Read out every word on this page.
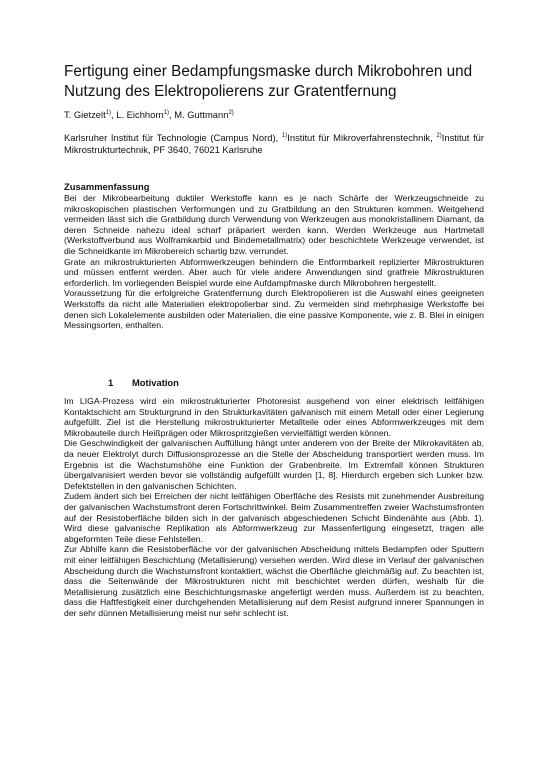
Fertigung einer Bedampfungsmaske durch Mikrobohren und Nutzung des Elektropolierens zur Gratentfernung
T. Gietzelt$^{1)}$, L. Eichhorn$^{1)}$, M. Guttmann$^{2)}$
Karlsruher Institut für Technologie (Campus Nord), $^{1)}$Institut für Mikroverfahrenstechnik, $^{2)}$Institut für Mikrostrukturtechnik, PF 3640, 76021 Karlsruhe
Zusammenfassung

Bei der Mikrobearbeitung duktiler Werkstoffe kann es je nach Schärfe der Werkzeugschneide zu mikroskopischen plastischen Verformungen und zu Gratbildung an den Strukturen kommen. Weitgehend vermeiden lässt sich die Gratbildung durch Verwendung von Werkzeugen aus monokristallinem Diamant, da deren Schneide nahezu ideal scharf präpariert werden kann. Werden Werkzeuge aus Hartmetall (Werkstoffverbund aus Wolframkarbid und Bindemetallmatrix) oder beschichtete Werkzeuge verwendet, ist die Schneidkante im Mikrobereich schartig bzw. verrundet.

Grate an mikrostrukturierten Abformwerkzeugen behindern die Entformbarkeit replizierter Mikrostrukturen und müssen entfernt werden. Aber auch für viele andere Anwendungen sind gratfreie Mikrostrukturen erforderlich. Im vorliegenden Beispiel wurde eine Aufdampfmaske durch Mikrobohren hergestellt.

Voraussetzung für die erfolgreiche Gratentfernung durch Elektropolieren ist die Auswahl eines geeigneten Werkstoffs da nicht alle Materialien elektropolierbar sind. Zu vermeiden sind mehrphasige Werkstoffe bei denen sich Lokalelemente ausbilden oder Materialien, die eine passive Komponente, wie z. B. Blei in einigen Messingsorten, enthalten.

1 Motivation

Im LIGA-Prozess wird ein mikrostrukturierter Photoresist ausgehend von einer elektrisch leitfähigen Kontaktschicht am Strukturgrund in den Strukturkavitäten galvanisch mit einem Metall oder einer Legierung aufgefüllt. Ziel ist die Herstellung mikrostrukturierter Metallteile oder eines Abformwerkzeuges mit dem Mikrobauteile durch Heißprägen oder Mikrospritzgießen vervielfältigt werden können.

Die Geschwindigkeit der galvanischen Auffüllung hängt unter anderem von der Breite der Mikrokavitäten ab, da neuer Elektrolyt durch Diffusionsprozesse an die Stelle der Abscheidung transportiert werden muss. Im Ergebnis ist die Wachstumshöhe eine Funktion der Grabenbreite. Im Extremfall können Strukturen übergalvanisiert werden bevor sie vollständig aufgefüllt wurden [1, 8]. Hierdurch ergeben sich Lunker bzw. Defektstellen in den galvanischen Schichten.

Zudem ändert sich bei Erreichen der nicht leitfähigen Oberfläche des Resists mit zunehmender Ausbreitung der galvanischen Wachstumsfront deren Fortschrittwinkel. Beim Zusammentreffen zweier Wachstumsfronten auf der Resistoberfläche bilden sich in der galvanisch abgeschiedenen Schicht Bindenähte aus (Abb. 1). Wird diese galvanische Replikation als Abformwerkzeug zur Massenfertigung eingesetzt, tragen alle abgeformten Teile diese Fehlstellen.

Zur Abhilfe kann die Resistoberfläche vor der galvanischen Abscheidung mittels Bedampfen oder Sputtern mit einer leitfähigen Beschichtung (Metallisierung) versehen werden. Wird diese im Verlauf der galvanischen Abscheidung durch die Wachstumsfront kontaktiert, wächst die Oberfläche gleichmäßig auf. Zu beachten ist, dass die Seitenwände der Mikrostrukturen nicht mit beschichtet werden dürfen, weshalb für die Metallisierung zusätzlich eine Beschichtungsmaske angefertigt werden muss. Außerdem ist zu beachten, dass die Haftfestigkeit einer durchgehenden Metallisierung auf dem Resist aufgrund innerer Spannungen in der sehr dünnen Metallisierung meist nur sehr schlecht ist.
